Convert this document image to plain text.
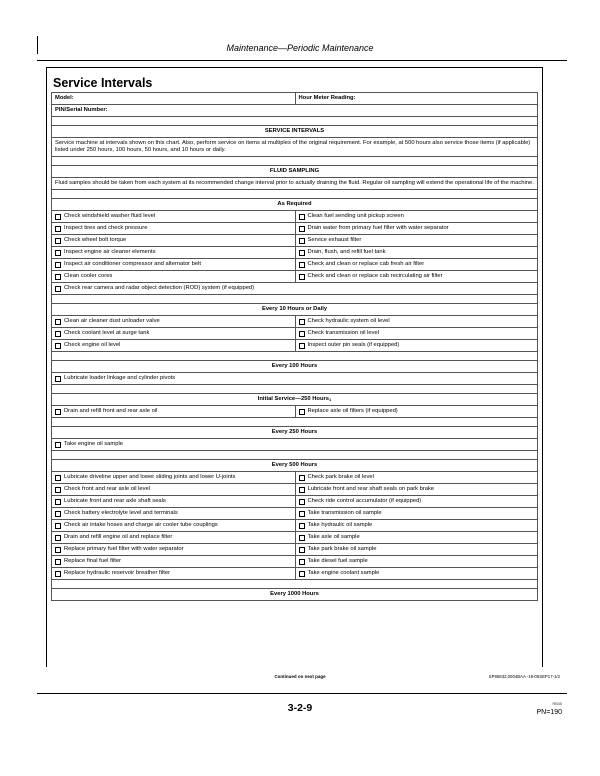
Maintenance—Periodic Maintenance
Service Intervals
Model:	Hour Meter Reading:
PIN/Serial Number:
SERVICE INTERVALS
Service machine at intervals shown on this chart. Also, perform service on items at multiples of the original requirement. For example, at 500 hours also service those items (if applicable) listed under 250 hours, 100 hours, 50 hours, and 10 hours or daily.
FLUID SAMPLING
Fluid samples should be taken from each system at its recommended change interval prior to actually draining the fluid. Regular oil sampling will extend the operational life of the machine.
As Required
Check windshield washer fluid level	Clean fuel sending unit pickup screen
Inspect tires and check pressure	Drain water from primary fuel filter with water separator
Check wheel bolt torque	Service exhaust filter
Inspect engine air cleaner elements	Drain, flush, and refill fuel tank
Inspect air conditioner compressor and alternator belt	Check and clean or replace cab fresh air filter
Clean cooler cores	Check and clean or replace cab recirculating air filter
Check rear camera and radar object detection (ROD) system (if equipped)
Every 10 Hours or Daily
Clean air cleaner dust unloader valve	Check hydraulic system oil level
Check coolant level at surge tank	Check transmission oil level
Check engine oil level	Inspect outer pin seals (if equipped)
Every 100 Hours
Lubricate loader linkage and cylinder pivots
Initial Service—250 Hours 1
Drain and refill front and rear axle oil	Replace axle oil filters (if equipped)
Every 250 Hours
Take engine oil sample
Every 500 Hours
Lubricate driveline upper and lower sliding joints and lower U-joints	Check park brake oil level
Check front and rear axle oil level	Lubricate front and rear shaft seals on park brake
Lubricate front and rear axle shaft seals	Check ride control accumulator (if equipped)
Check battery electrolyte level and terminals	Take transmission oil sample
Check air intake hoses and charge air cooler tube couplings	Take hydraulic oil sample
Drain and refill engine oil and replace filter	Take axle oil sample
Replace primary fuel filter with water separator	Take park brake oil sample
Replace final fuel filter	Take diesel fuel sample
Replace hydraulic reservoir breather filter	Take engine coolant sample
Every 1000 Hours
Continued on next page	SP86832,0004BAA -19-05SEP17-1/2
3-2-9	RB45
PN=190
